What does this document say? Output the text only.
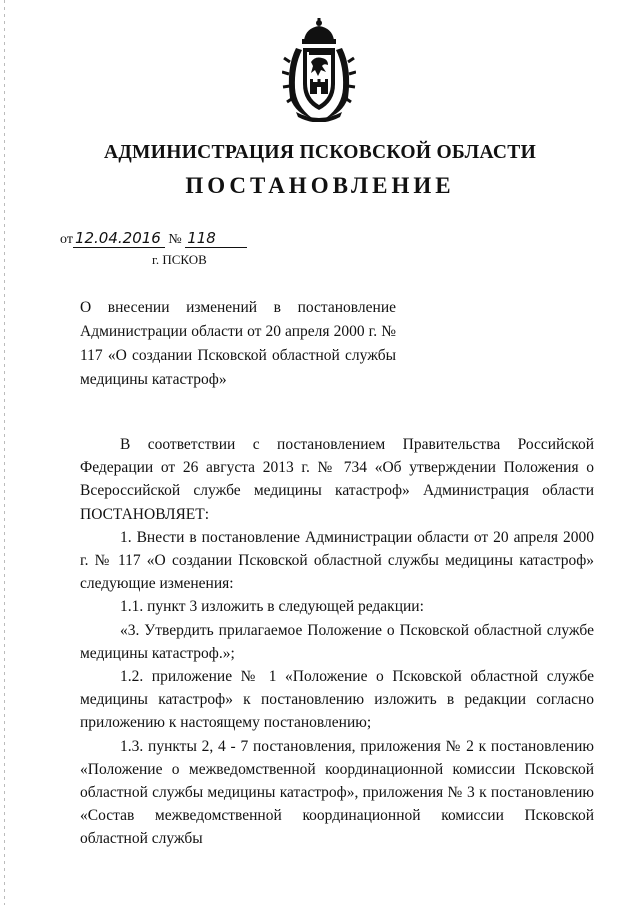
АДМИНИСТРАЦИЯ ПСКОВСКОЙ ОБЛАСТИ
ПОСТАНОВЛЕНИЕ
от 12.04.2016 № 118
г. ПСКОВ
О внесении изменений в постановление Администрации области от 20 апреля 2000 г. № 117 «О создании Псковской областной службы медицины катастроф»

В соответствии с постановлением Правительства Российской Федерации от 26 августа 2013 г. № 734 «Об утверждении Положения о Всероссийской службе медицины катастроф» Администрация области ПОСТАНОВЛЯЕТ:

1. Внести в постановление Администрации области от 20 апреля 2000 г. № 117 «О создании Псковской областной службы медицины катастроф» следующие изменения:

1.1. пункт 3 изложить в следующей редакции:

«3. Утвердить прилагаемое Положение о Псковской областной службе медицины катастроф.»;

1.2. приложение № 1 «Положение о Псковской областной службе медицины катастроф» к постановлению изложить в редакции согласно приложению к настоящему постановлению;

1.3. пункты 2, 4 - 7 постановления, приложения № 2 к постановлению «Положение о межведомственной координационной комиссии Псковской областной службы медицины катастроф», приложения № 3 к постановлению «Состав межведомственной координационной комиссии Псковской областной службы
